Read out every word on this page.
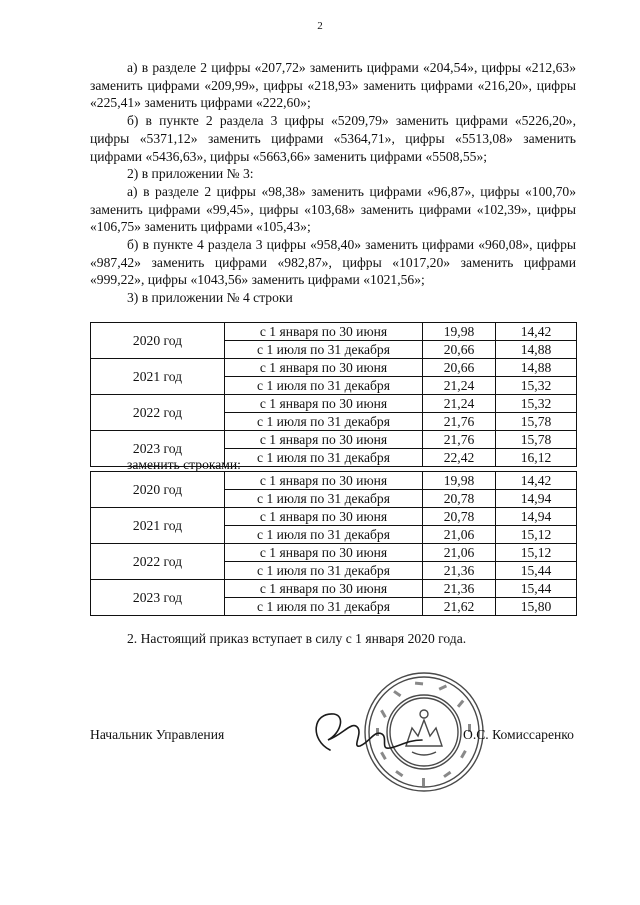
2

а) в разделе 2 цифры «207,72» заменить цифрами «204,54», цифры «212,63» заменить цифрами «209,99», цифры «218,93» заменить цифрами «216,20», цифры «225,41» заменить цифрами «222,60»;

б) в пункте 2 раздела 3 цифры «5209,79» заменить цифрами «5226,20», цифры «5371,12» заменить цифрами «5364,71», цифры «5513,08» заменить цифрами «5436,63», цифры «5663,66» заменить цифрами «5508,55»;

2) в приложении № 3:

а) в разделе 2 цифры «98,38» заменить цифрами «96,87», цифры «100,70» заменить цифрами «99,45», цифры «103,68» заменить цифрами «102,39», цифры «106,75» заменить цифрами «105,43»;

б) в пункте 4 раздела 3 цифры «958,40» заменить цифрами «960,08», цифры «987,42» заменить цифрами «982,87», цифры «1017,20» заменить цифрами «999,22», цифры «1043,56» заменить цифрами «1021,56»;

3) в приложении № 4 строки

2020 год	с 1 января по 30 июня	19,98	14,42
	с 1 июля по 31 декабря	20,66	14,88
2021 год	с 1 января по 30 июня	20,66	14,88
	с 1 июля по 31 декабря	21,24	15,32
2022 год	с 1 января по 30 июня	21,24	15,32
	с 1 июля по 31 декабря	21,76	15,78
2023 год	с 1 января по 30 июня	21,76	15,78
	с 1 июля по 31 декабря	22,42	16,12
заменить строками:
2020 год	с 1 января по 30 июня	19,98	14,42
	с 1 июля по 31 декабря	20,78	14,94
2021 год	с 1 января по 30 июня	20,78	14,94
	с 1 июля по 31 декабря	21,06	15,12
2022 год	с 1 января по 30 июня	21,06	15,12
	с 1 июля по 31 декабря	21,36	15,44
2023 год	с 1 января по 30 июня	21,36	15,44
	с 1 июля по 31 декабря	21,62	15,80
2. Настоящий приказ вступает в силу с 1 января 2020 года.
Начальник Управления	О.С. Комиссаренко
